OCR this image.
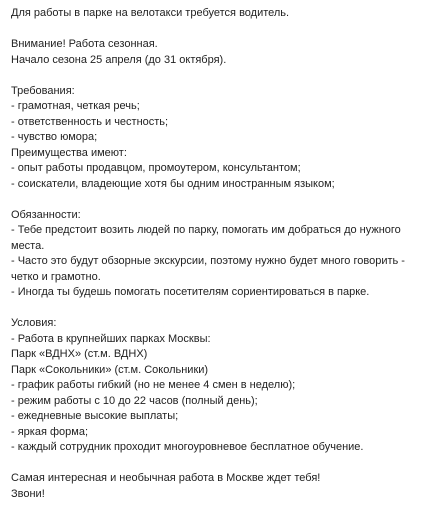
Для работы в парке на велотакси требуется водитель.
Внимание! Работа сезонная.
Начало сезона 25 апреля (до 31 октября).
Требования:
- грамотная, четкая речь;
- ответственность и честность;
- чувство юмора;
Преимущества имеют:
- опыт работы продавцом, промоутером, консультантом;
- соискатели, владеющие хотя бы одним иностранным языком;
Обязанности:
- Тебе предстоит возить людей по парку, помогать им добраться до нужного
места.
- Часто это будут обзорные экскурсии, поэтому нужно будет много говорить -
четко и грамотно.
- Иногда ты будешь помогать посетителям сориентироваться в парке.
Условия:
- Работа в крупнейших парках Москвы:
Парк «ВДНХ» (ст.м. ВДНХ)
Парк «Сокольники» (ст.м. Сокольники)
- график работы гибкий (но не менее 4 смен в неделю);
- режим работы с 10 до 22 часов (полный день);
- ежедневные высокие выплаты;
- яркая форма;
- каждый сотрудник проходит многоуровневое бесплатное обучение.
Самая интересная и необычная работа в Москве ждет тебя!
Звони!
